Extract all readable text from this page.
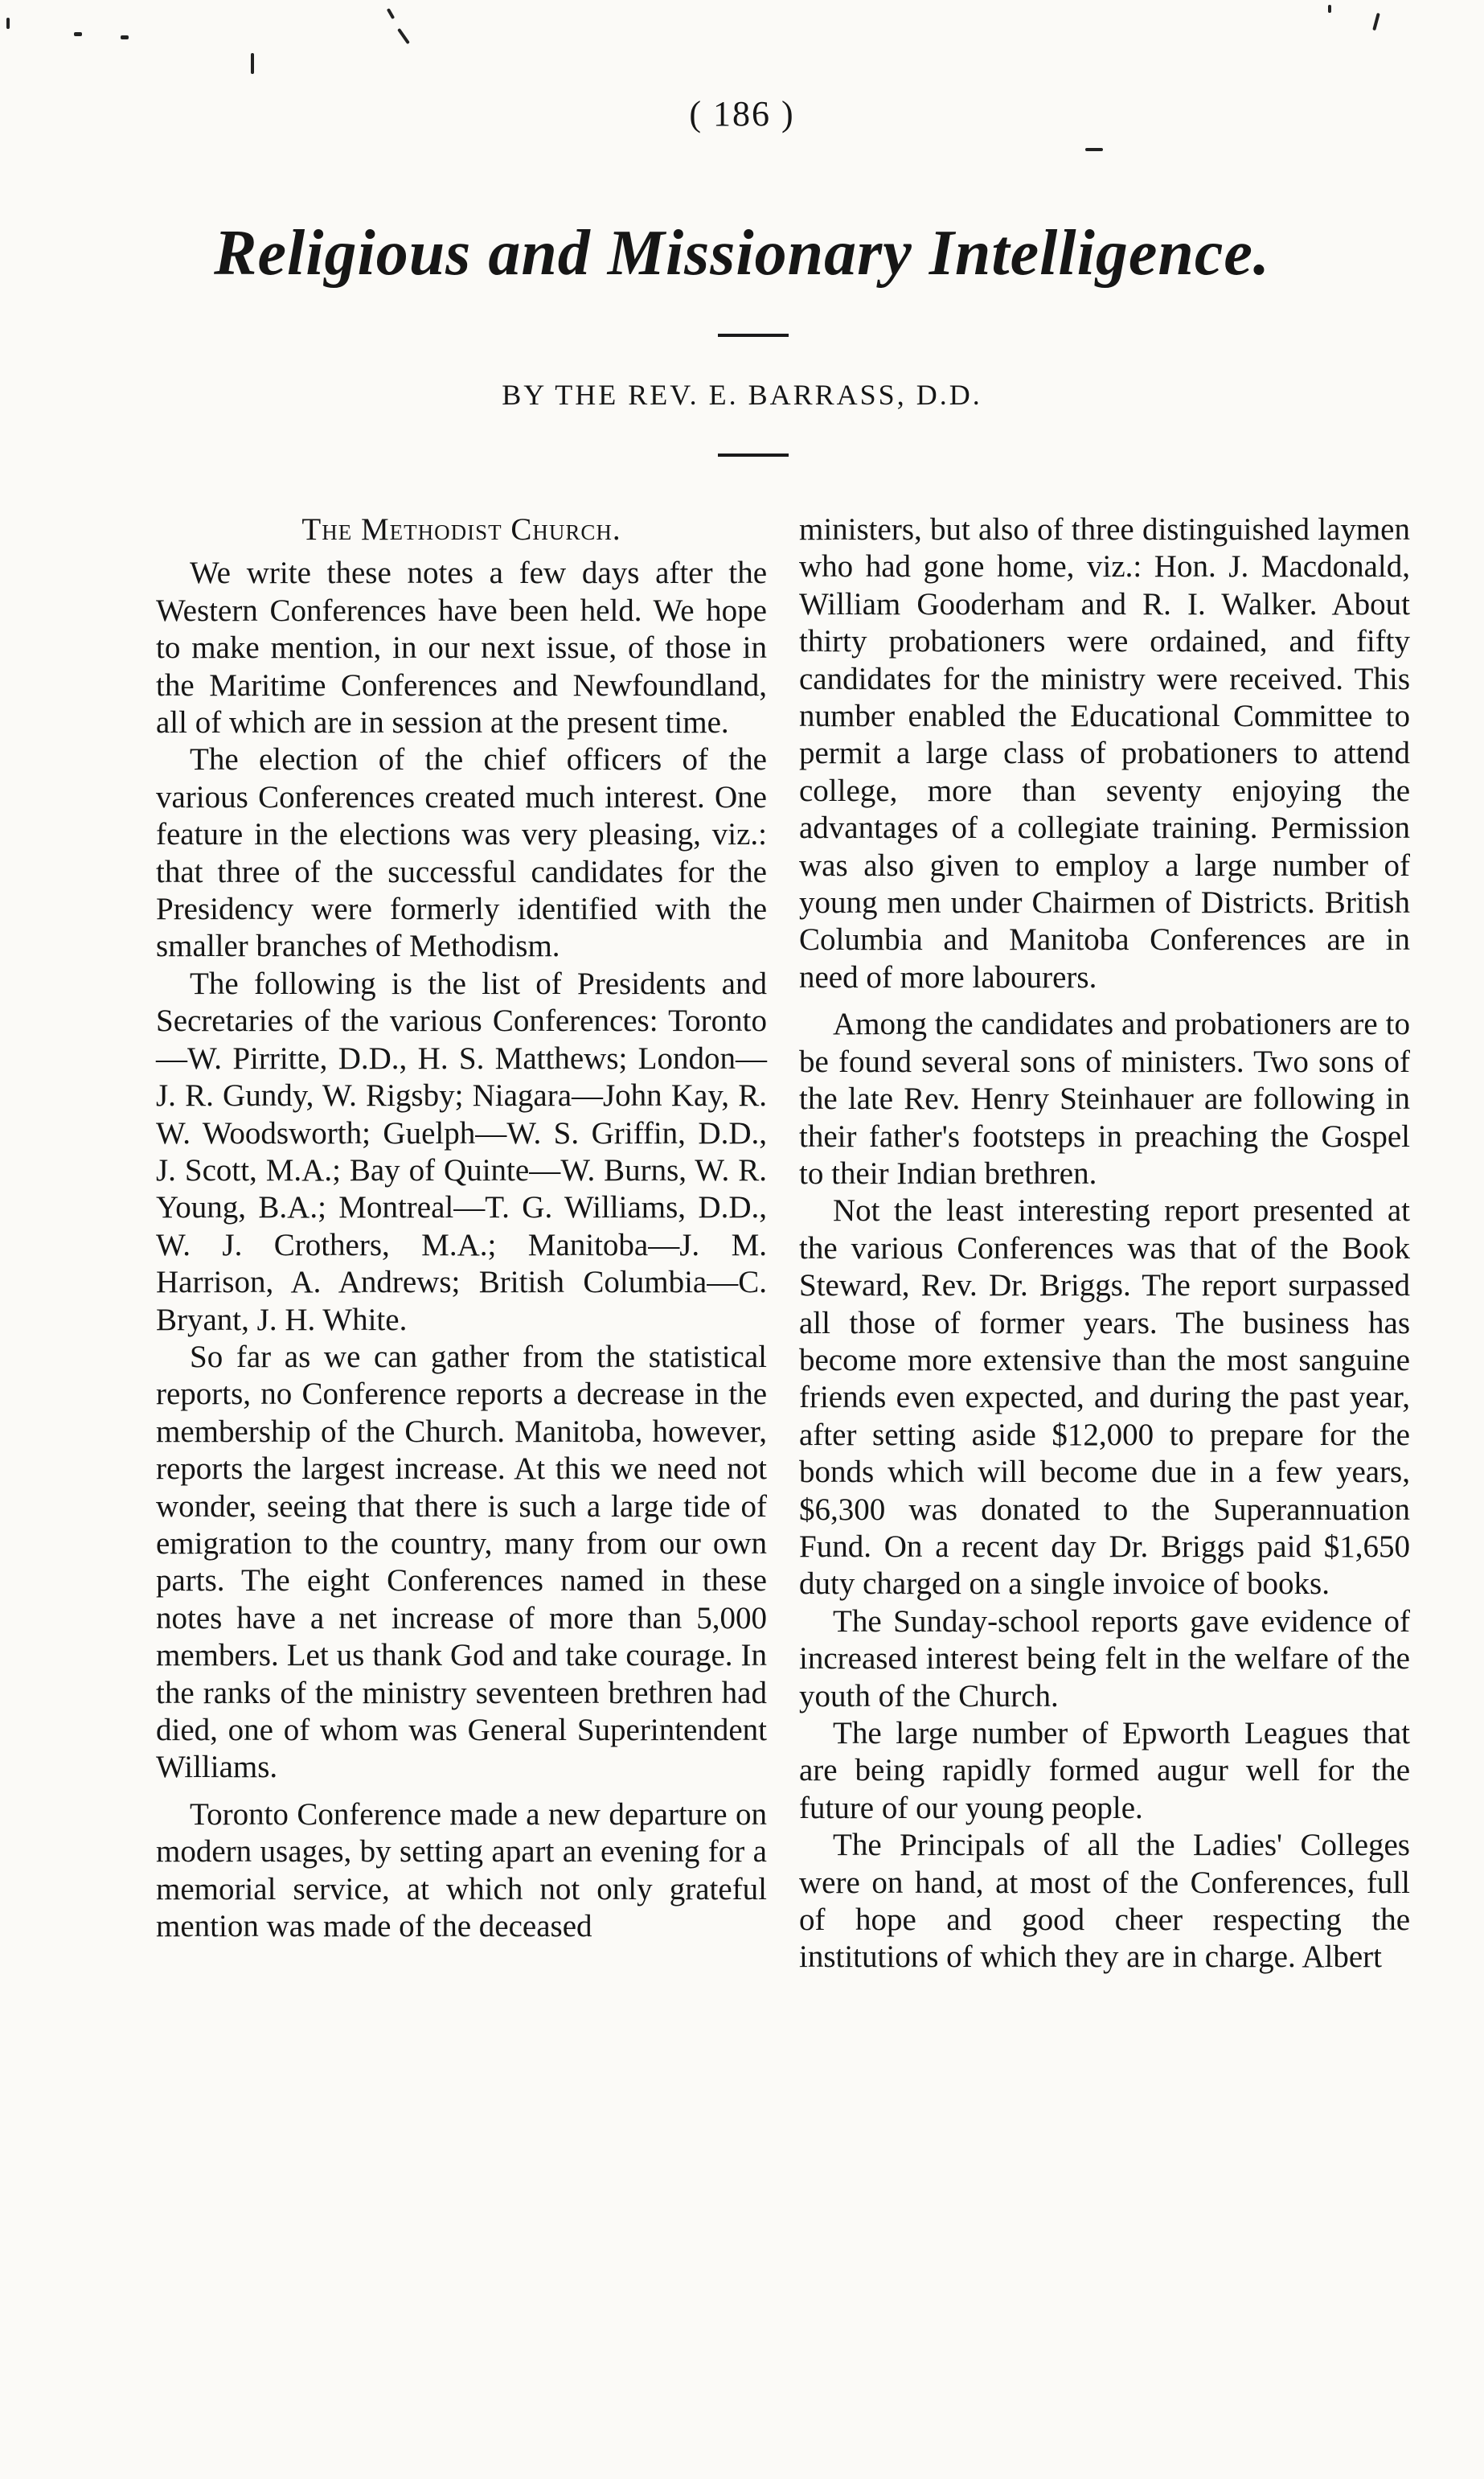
( 186 )
Religious and Missionary Intelligence.
BY THE REV. E. BARRASS, D.D.
The Methodist Church.

We write these notes a few days after the Western Conferences have been held. We hope to make mention, in our next issue, of those in the Maritime Conferences and Newfoundland, all of which are in session at the present time.

The election of the chief officers of the various Conferences created much interest. One feature in the elections was very pleasing, viz.: that three of the successful candidates for the Presidency were formerly identified with the smaller branches of Methodism.

The following is the list of Presidents and Secretaries of the various Conferences: Toronto—W. Pirritte, D.D., H. S. Matthews; London—J. R. Gundy, W. Rigsby; Niagara—John Kay, R. W. Woodsworth; Guelph—W. S. Griffin, D.D., J. Scott, M.A.; Bay of Quinte—W. Burns, W. R. Young, B.A.; Montreal—T. G. Williams, D.D., W. J. Crothers, M.A.; Manitoba—J. M. Harrison, A. Andrews; British Columbia—C. Bryant, J. H. White.

So far as we can gather from the statistical reports, no Conference reports a decrease in the membership of the Church. Manitoba, however, reports the largest increase. At this we need not wonder, seeing that there is such a large tide of emigration to the country, many from our own parts. The eight Conferences named in these notes have a net increase of more than 5,000 members. Let us thank God and take courage. In the ranks of the ministry seventeen brethren had died, one of whom was General Superintendent Williams.

Toronto Conference made a new departure on modern usages, by setting apart an evening for a memorial service, at which not only grateful mention was made of the deceased

ministers, but also of three distinguished laymen who had gone home, viz.: Hon. J. Macdonald, William Gooderham and R. I. Walker. About thirty probationers were ordained, and fifty candidates for the ministry were received. This number enabled the Educational Committee to permit a large class of probationers to attend college, more than seventy enjoying the advantages of a collegiate training. Permission was also given to employ a large number of young men under Chairmen of Districts. British Columbia and Manitoba Conferences are in need of more labourers.

Among the candidates and probationers are to be found several sons of ministers. Two sons of the late Rev. Henry Steinhauer are following in their father's footsteps in preaching the Gospel to their Indian brethren.

Not the least interesting report presented at the various Conferences was that of the Book Steward, Rev. Dr. Briggs. The report surpassed all those of former years. The business has become more extensive than the most sanguine friends even expected, and during the past year, after setting aside $12,000 to prepare for the bonds which will become due in a few years, $6,300 was donated to the Superannuation Fund. On a recent day Dr. Briggs paid $1,650 duty charged on a single invoice of books.

The Sunday-school reports gave evidence of increased interest being felt in the welfare of the youth of the Church.

The large number of Epworth Leagues that are being rapidly formed augur well for the future of our young people.

The Principals of all the Ladies' Colleges were on hand, at most of the Conferences, full of hope and good cheer respecting the institutions of which they are in charge. Albert
